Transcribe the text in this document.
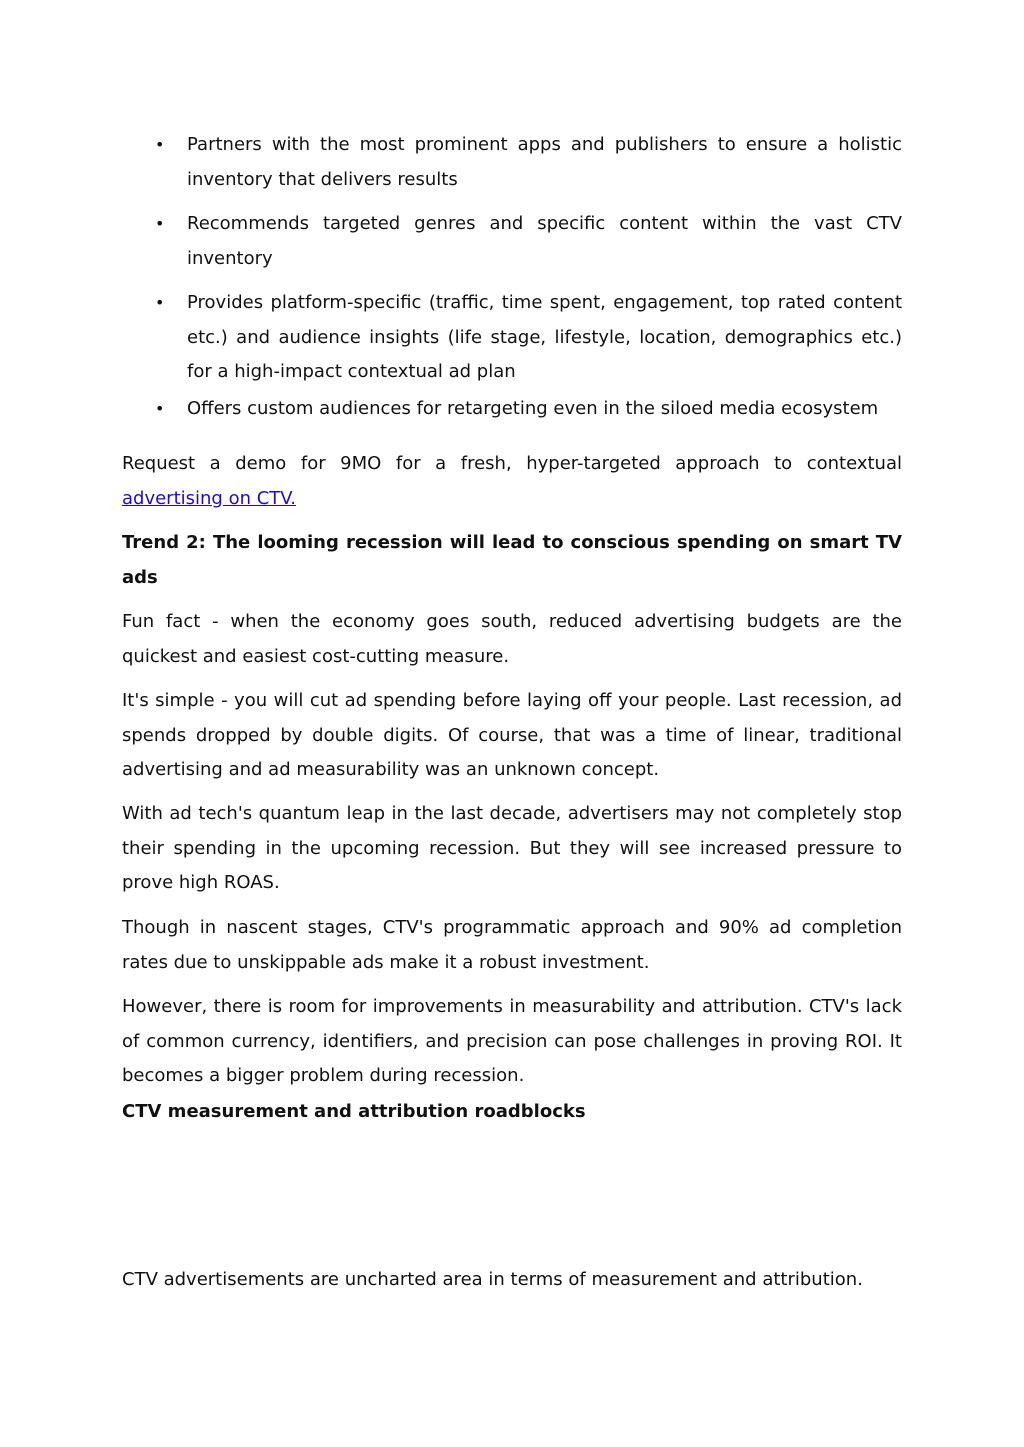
• Partners with the most prominent apps and publishers to ensure a holistic inventory that delivers results
• Recommends targeted genres and specific content within the vast CTV inventory
• Provides platform-specific (traffic, time spent, engagement, top rated content etc.) and audience insights (life stage, lifestyle, location, demographics etc.) for a high-impact contextual ad plan
• Offers custom audiences for retargeting even in the siloed media ecosystem

Request a demo for 9MO for a fresh, hyper-targeted approach to contextual advertising on CTV.

Trend 2: The looming recession will lead to conscious spending on smart TV ads

Fun fact - when the economy goes south, reduced advertising budgets are the quickest and easiest cost-cutting measure.

It's simple - you will cut ad spending before laying off your people. Last recession, ad spends dropped by double digits. Of course, that was a time of linear, traditional advertising and ad measurability was an unknown concept.

With ad tech's quantum leap in the last decade, advertisers may not completely stop their spending in the upcoming recession. But they will see increased pressure to prove high ROAS.

Though in nascent stages, CTV's programmatic approach and 90% ad completion rates due to unskippable ads make it a robust investment.

However, there is room for improvements in measurability and attribution. CTV's lack of common currency, identifiers, and precision can pose challenges in proving ROI. It becomes a bigger problem during recession.

CTV measurement and attribution roadblocks

CTV advertisements are uncharted area in terms of measurement and attribution.
